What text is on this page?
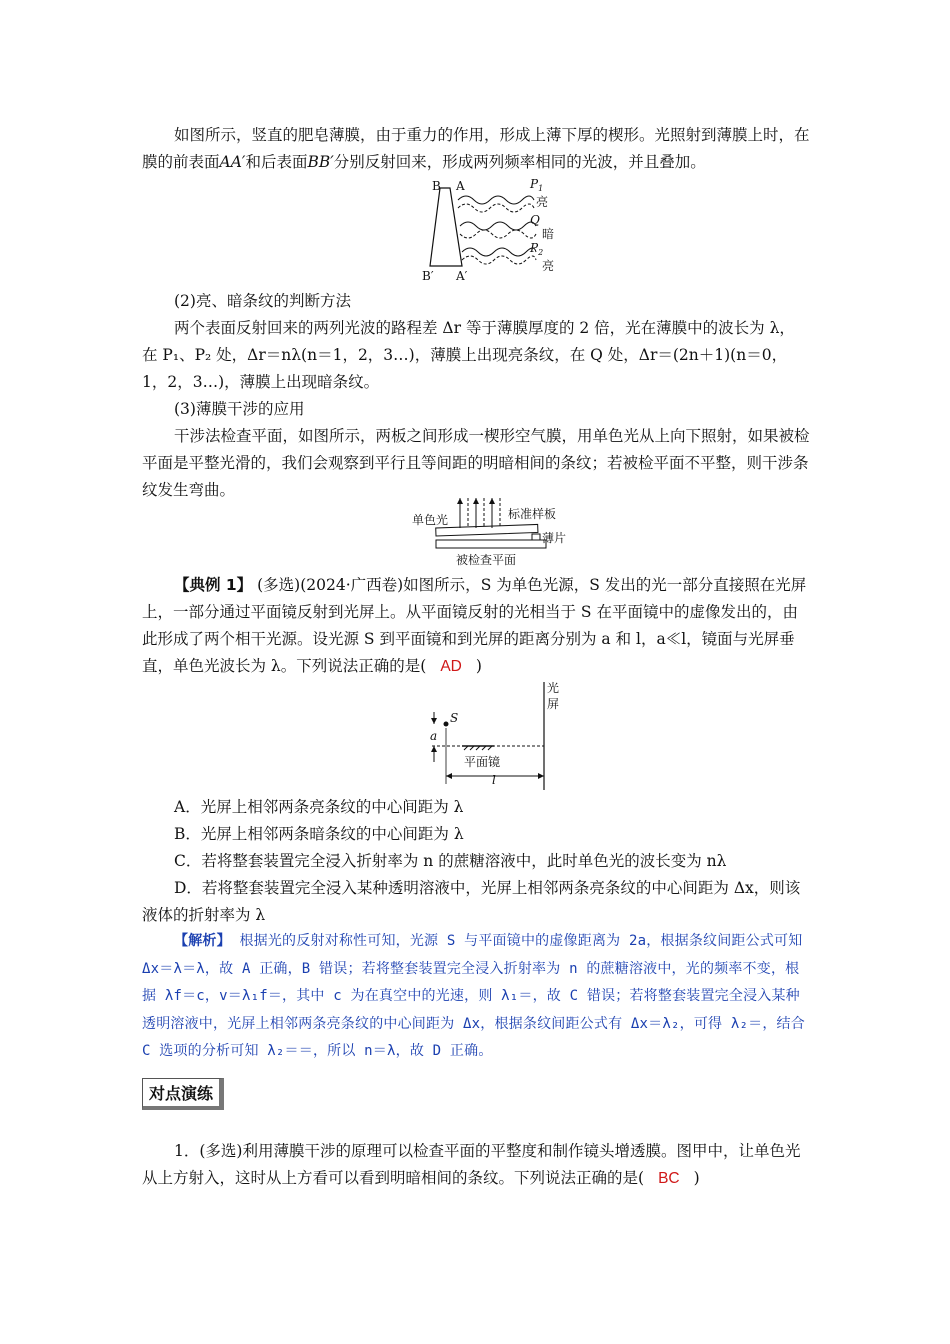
如图所示，竖直的肥皂薄膜，由于重力的作用，形成上薄下厚的楔形。光照射到薄膜上时，在膜的前表面AA′和后表面BB′分别反射回来，形成两列频率相同的光波，并且叠加。

B A
B′ A′
$P_1$
亮
Q
暗
$P_2$
亮

(2)亮、暗条纹的判断方法

两个表面反射回来的两列光波的路程差 Δr 等于薄膜厚度的 2 倍，光在薄膜中的波长为 λ，在 P₁、P₂ 处，Δr＝nλ(n＝1，2，3…)，薄膜上出现亮条纹，在 Q 处，Δr＝(2n＋1)(n＝0，1，2，3…)，薄膜上出现暗条纹。

(3)薄膜干涉的应用

干涉法检查平面，如图所示，两板之间形成一楔形空气膜，用单色光从上向下照射，如果被检平面是平整光滑的，我们会观察到平行且等间距的明暗相间的条纹；若被检平面不平整，则干涉条纹发生弯曲。

单色光	标准样板
薄片
被检查平面

【典例 1】 (多选)(2024·广西卷)如图所示，S 为单色光源，S 发出的光一部分直接照在光屏上，一部分通过平面镜反射到光屏上。从平面镜反射的光相当于 S 在平面镜中的虚像发出的，由此形成了两个相干光源。设光源 S 到平面镜和到光屏的距离分别为 a 和 l，a≪l，镜面与光屏垂直，单色光波长为 λ。下列说法正确的是( AD )

光
屏
S
a
平面镜
l

A．光屏上相邻两条亮条纹的中心间距为 λ

B．光屏上相邻两条暗条纹的中心间距为 λ

C．若将整套装置完全浸入折射率为 n 的蔗糖溶液中，此时单色光的波长变为 nλ

D．若将整套装置完全浸入某种透明溶液中，光屏上相邻两条亮条纹的中心间距为 Δx，则该液体的折射率为 λ

【解析】 根据光的反射对称性可知，光源 S 与平面镜中的虚像距离为 2a，根据条纹间距公式可知 Δx＝λ＝λ，故 A 正确，B 错误；若将整套装置完全浸入折射率为 n 的蔗糖溶液中，光的频率不变，根据 λf＝c，v＝λ₁f＝，其中 c 为在真空中的光速，则 λ₁＝，故 C 错误；若将整套装置完全浸入某种透明溶液中，光屏上相邻两条亮条纹的中心间距为 Δx，根据条纹间距公式有 Δx＝λ₂，可得 λ₂＝，结合 C 选项的分析可知 λ₂＝＝，所以 n＝λ，故 D 正确。

对点演练

1．(多选)利用薄膜干涉的原理可以检查平面的平整度和制作镜头增透膜。图甲中，让单色光从上方射入，这时从上方看可以看到明暗相间的条纹。下列说法正确的是( BC )
